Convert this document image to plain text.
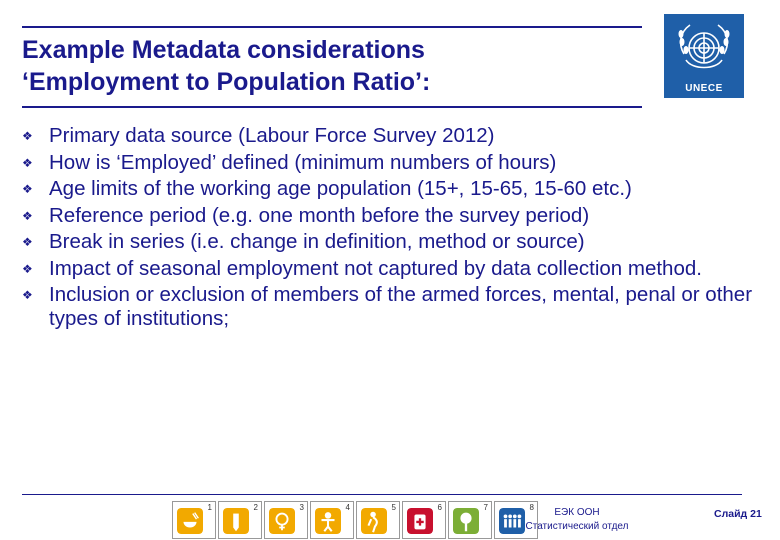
Example Metadata considerations
‘Employment to Population Ratio’:	UNECE
❖ Primary data source (Labour Force Survey 2012)
❖ How is ‘Employed’ defined (minimum numbers of hours)
❖ Age limits of the working age population (15+, 15-65, 15-60 etc.)
❖ Reference period (e.g. one month before the survey period)
❖ Break in series (i.e. change in definition, method or source)
❖ Impact of seasonal employment not captured by data collection method.
❖ Inclusion or exclusion of members of the armed forces, mental, penal or other types of institutions;
1	2	3	4	5	6	7	8	ЕЭК ООН
Статистический отдел
Слайд 21
